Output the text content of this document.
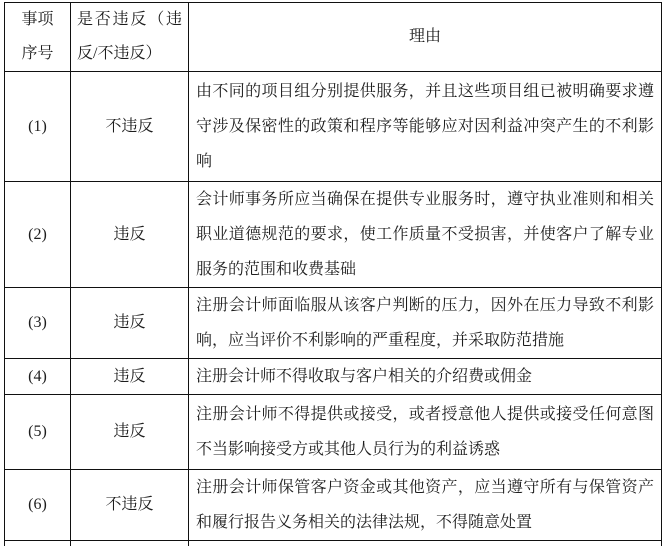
事项序号	是否违反（违反/不违反）	理由
(1)	不违反	由不同的项目组分别提供服务，并且这些项目组已被明确要求遵守涉及保密性的政策和程序等能够应对因利益冲突产生的不利影响
(2)	违反	会计师事务所应当确保在提供专业服务时，遵守执业准则和相关职业道德规范的要求，使工作质量不受损害，并使客户了解专业服务的范围和收费基础
(3)	违反	注册会计师面临服从该客户判断的压力，因外在压力导致不利影响，应当评价不利影响的严重程度，并采取防范措施
(4)	违反	注册会计师不得收取与客户相关的介绍费或佣金
(5)	违反	注册会计师不得提供或接受，或者授意他人提供或接受任何意图不当影响接受方或其他人员行为的利益诱惑
(6)	不违反	注册会计师保管客户资金或其他资产，应当遵守所有与保管资产和履行报告义务相关的法律法规，不得随意处置
